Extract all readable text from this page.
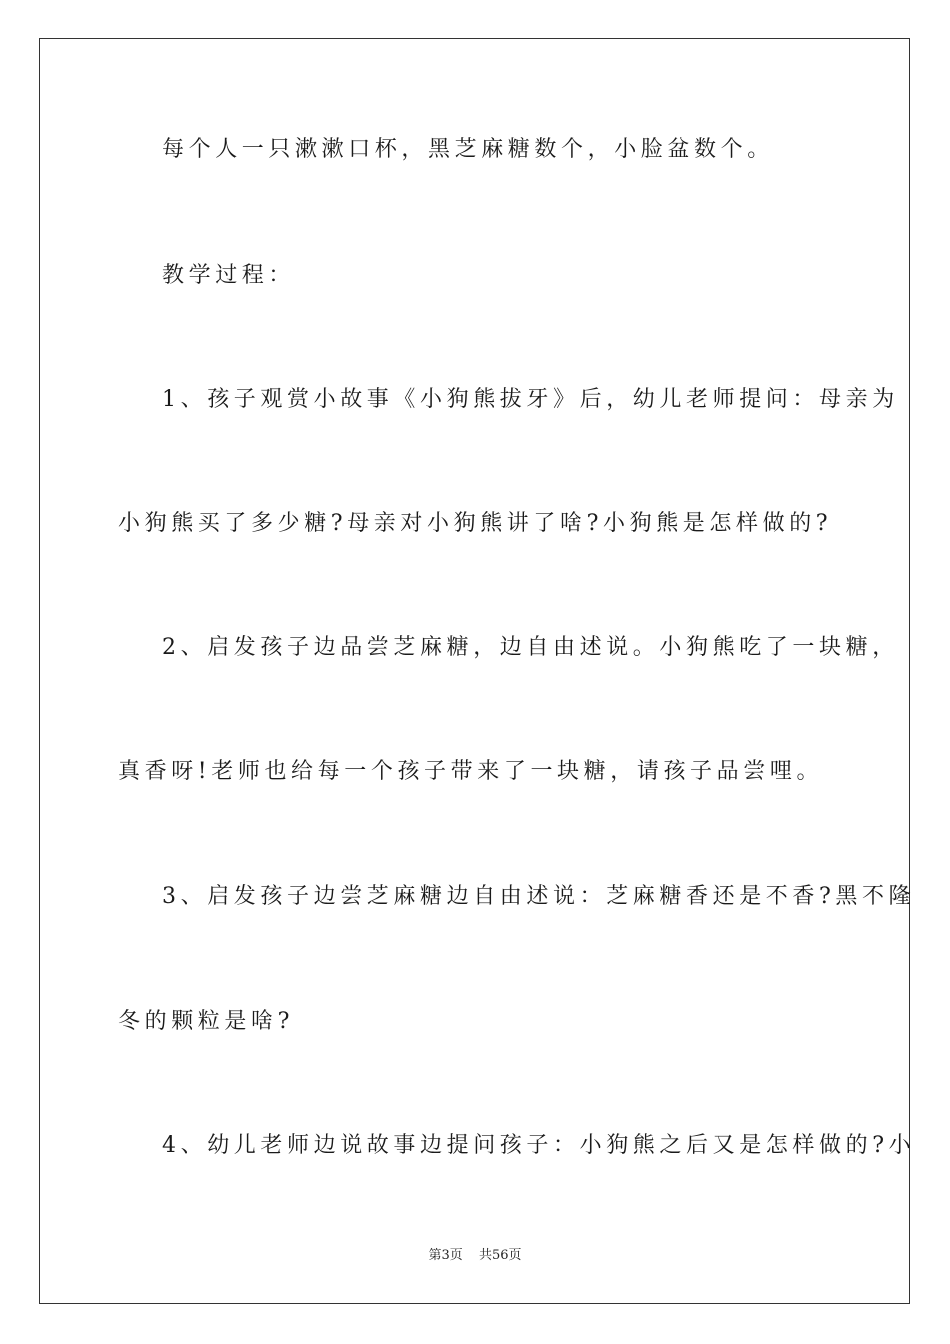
每个人一只漱漱口杯，黑芝麻糖数个，小脸盆数个。
教学过程：
1、孩子观赏小故事《小狗熊拔牙》后，幼儿老师提问：母亲为
小狗熊买了多少糖?母亲对小狗熊讲了啥?小狗熊是怎样做的?
2、启发孩子边品尝芝麻糖，边自由述说。小狗熊吃了一块糖，
真香呀!老师也给每一个孩子带来了一块糖，请孩子品尝哩。
3、启发孩子边尝芝麻糖边自由述说：芝麻糖香还是不香?黑不隆
冬的颗粒是啥?
4、幼儿老师边说故事边提问孩子：小狗熊之后又是怎样做的?小
第3页 共56页
